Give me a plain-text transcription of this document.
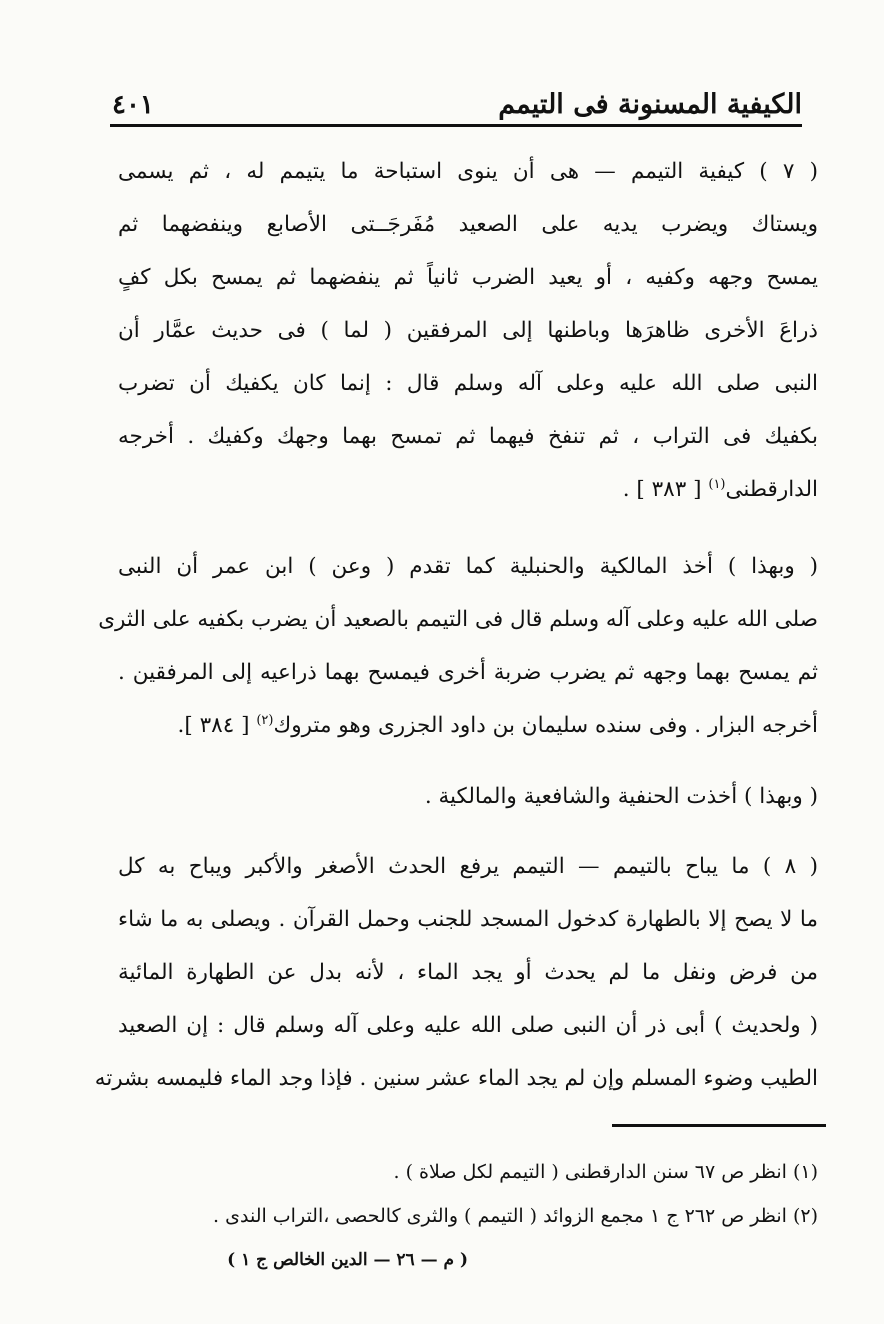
الكيفية المسنونة فى التيمم
٤٠١
( ٧ ) كيفية التيمم — هى أن ينوى استباحة ما يتيمم له ، ثم يسمى
ويستاك ويضرب يديه على الصعيد مُفَرجَــتى الأصابع وينفضهما ثم
يمسح وجهه وكفيه ، أو يعيد الضرب ثانياً ثم ينفضهما ثم يمسح بكل كفٍ
ذراعَ الأخرى ظاهرَها وباطنها إلى المرفقين ( لما ) فى حديث عمَّار أن
النبى صلى الله عليه وعلى آله وسلم قال : إنما كان يكفيك أن تضرب
بكفيك فى التراب ، ثم تنفخ فيهما ثم تمسح بهما وجهك وكفيك . أخرجه
الدارقطنى$^{(١)}$ [ ٣٨٣ ] .
( وبهذا ) أخذ المالكية والحنبلية كما تقدم ( وعن ) ابن عمر أن النبى
صلى الله عليه وعلى آله وسلم قال فى التيمم بالصعيد أن يضرب بكفيه على الثرى
ثم يمسح بهما وجهه ثم يضرب ضربة أخرى فيمسح بهما ذراعيه إلى المرفقين .
أخرجه البزار . وفى سنده سليمان بن داود الجزرى وهو متروك$^{(٢)}$ [ ٣٨٤ ].
( وبهذا ) أخذت الحنفية والشافعية والمالكية .
( ٨ ) ما يباح بالتيمم — التيمم يرفع الحدث الأصغر والأكبر ويباح به كل
ما لا يصح إلا بالطهارة كدخول المسجد للجنب وحمل القرآن . ويصلى به ما شاء
من فرض ونفل ما لم يحدث أو يجد الماء ، لأنه بدل عن الطهارة المائية
( ولحديث ) أبى ذر أن النبى صلى الله عليه وعلى آله وسلم قال : إن الصعيد
الطيب وضوء المسلم وإن لم يجد الماء عشر سنين . فإذا وجد الماء فليمسه بشرته
(١) انظر ص ٦٧ سنن الدارقطنى ( التيمم لكل صلاة ) .
(٢) انظر ص ٢٦٢ ج ١ مجمع الزوائد ( التيمم ) والثرى كالحصى ،التراب الندى .
( م — ٢٦ — الدين الخالص ج ١ )
